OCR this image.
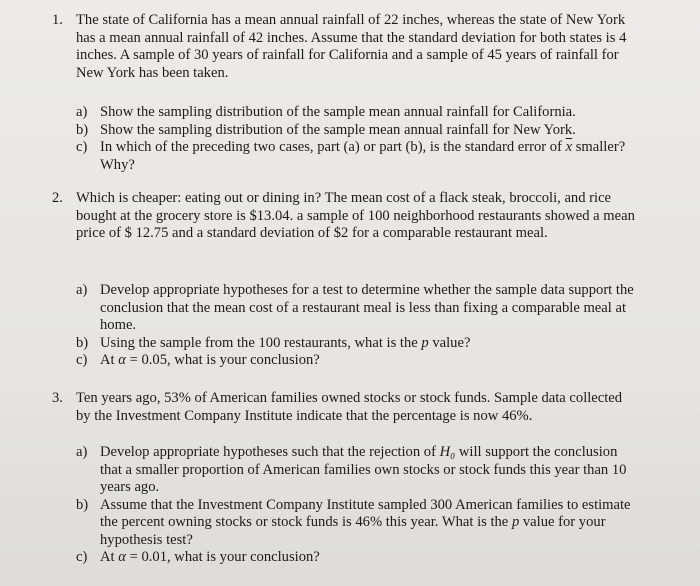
1. The state of California has a mean annual rainfall of 22 inches, whereas the state of New York has a mean annual rainfall of 42 inches. Assume that the standard deviation for both states is 4 inches. A sample of 30 years of rainfall for California and a sample of 45 years of rainfall for New York has been taken.

a) Show the sampling distribution of the sample mean annual rainfall for California.

b) Show the sampling distribution of the sample mean annual rainfall for New York.

c) In which of the preceding two cases, part (a) or part (b), is the standard error of $\overline{x}$ smaller? Why?

2. Which is cheaper: eating out or dining in? The mean cost of a flack steak, broccoli, and rice bought at the grocery store is $13.04. a sample of 100 neighborhood restaurants showed a mean price of $ 12.75 and a standard deviation of $2 for a comparable restaurant meal.

a) Develop appropriate hypotheses for a test to determine whether the sample data support the conclusion that the mean cost of a restaurant meal is less than fixing a comparable meal at home.

b) Using the sample from the 100 restaurants, what is the p value?

c) At α = 0.05, what is your conclusion?

3. Ten years ago, 53% of American families owned stocks or stock funds. Sample data collected by the Investment Company Institute indicate that the percentage is now 46%.

a) Develop appropriate hypotheses such that the rejection of H₀ will support the conclusion that a smaller proportion of American families own stocks or stock funds this year than 10 years ago.

b) Assume that the Investment Company Institute sampled 300 American families to estimate the percent owning stocks or stock funds is 46% this year. What is the p value for your hypothesis test?

c) At α = 0.01, what is your conclusion?
